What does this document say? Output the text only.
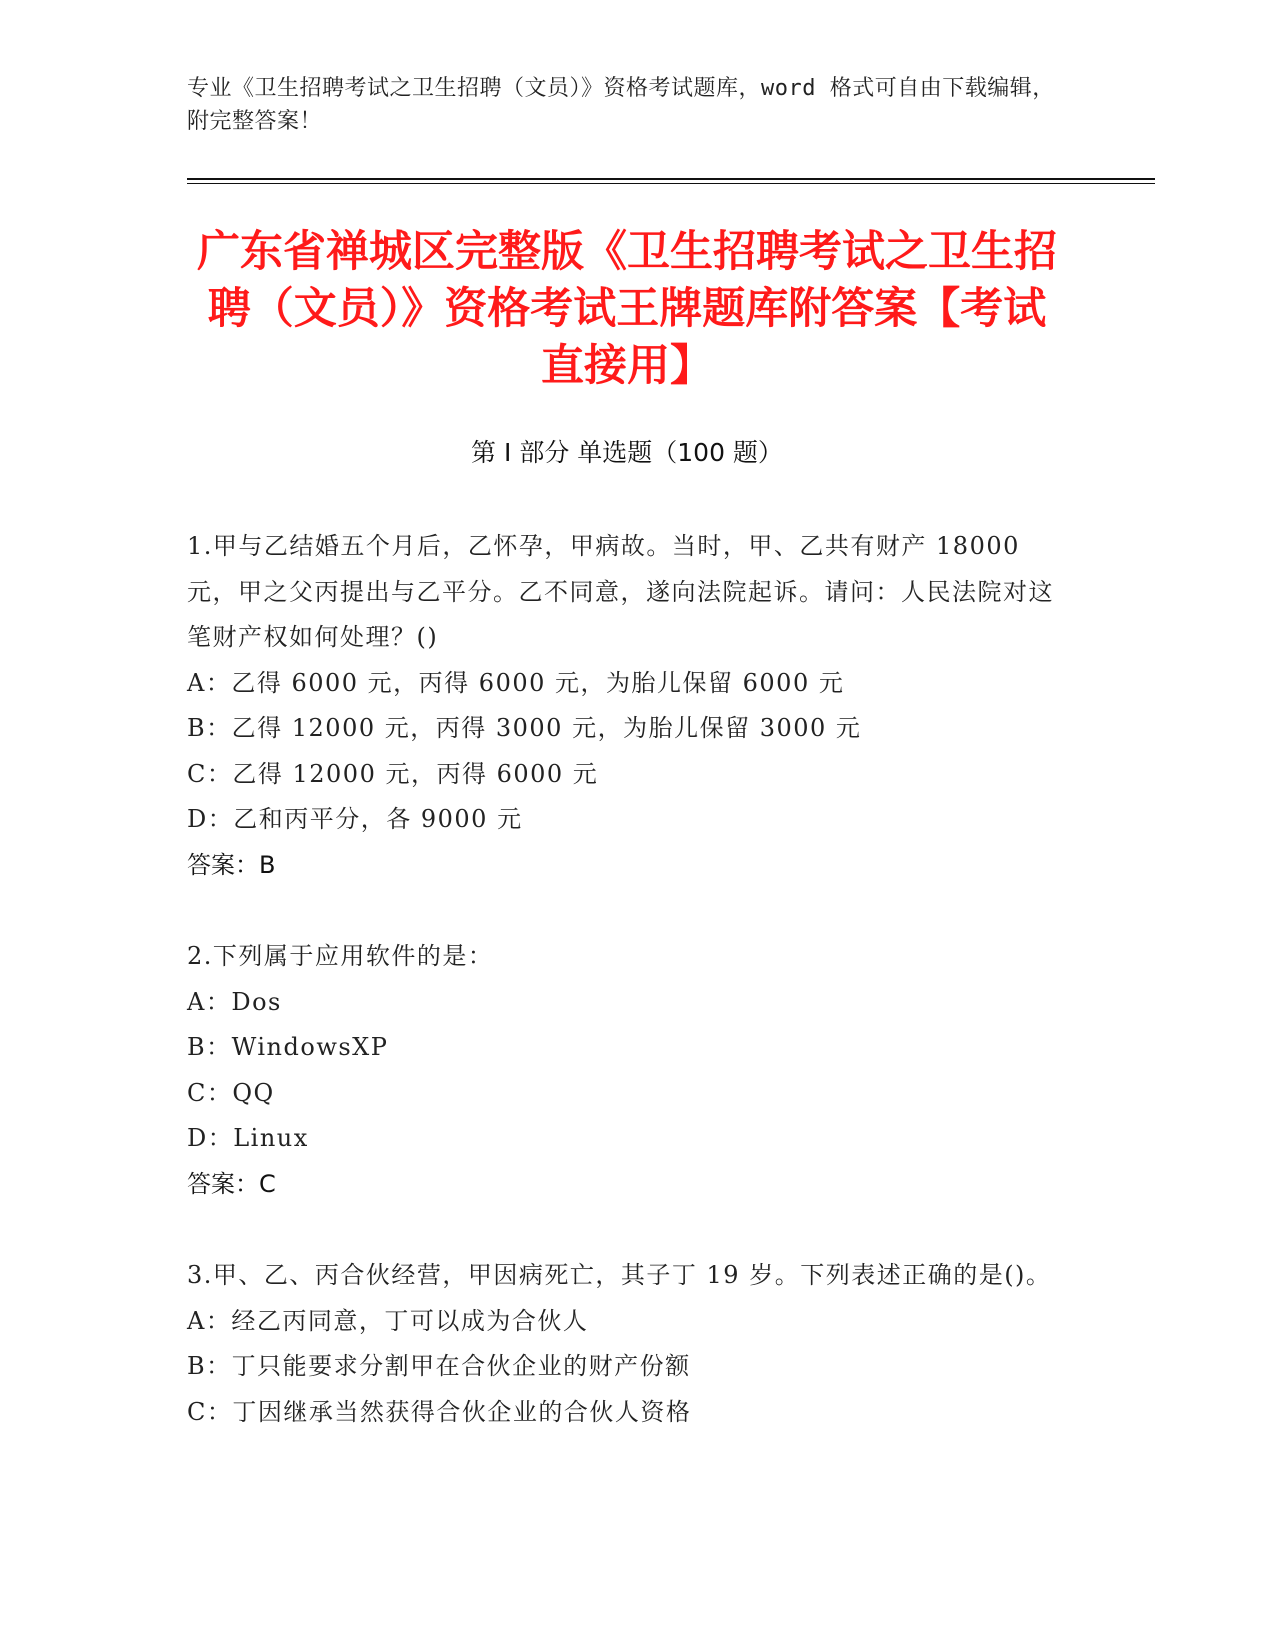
专业《卫生招聘考试之卫生招聘（文员）》资格考试题库，word 格式可自由下载编辑，附完整答案！
广东省禅城区完整版《卫生招聘考试之卫生招聘（文员）》资格考试王牌题库附答案【考试直接用】
第 I 部分 单选题（100 题）
1.甲与乙结婚五个月后，乙怀孕，甲病故。当时，甲、乙共有财产 18000 元，甲之父丙提出与乙平分。乙不同意，遂向法院起诉。请问：人民法院对这笔财产权如何处理？()
A：乙得 6000 元，丙得 6000 元，为胎儿保留 6000 元
B：乙得 12000 元，丙得 3000 元，为胎儿保留 3000 元
C：乙得 12000 元，丙得 6000 元
D：乙和丙平分，各 9000 元
答案：B
2.下列属于应用软件的是：
A：Dos
B：WindowsXP
C：QQ
D：Linux
答案：C
3.甲、乙、丙合伙经营，甲因病死亡，其子丁 19 岁。下列表述正确的是()。
A：经乙丙同意，丁可以成为合伙人
B：丁只能要求分割甲在合伙企业的财产份额
C：丁因继承当然获得合伙企业的合伙人资格
